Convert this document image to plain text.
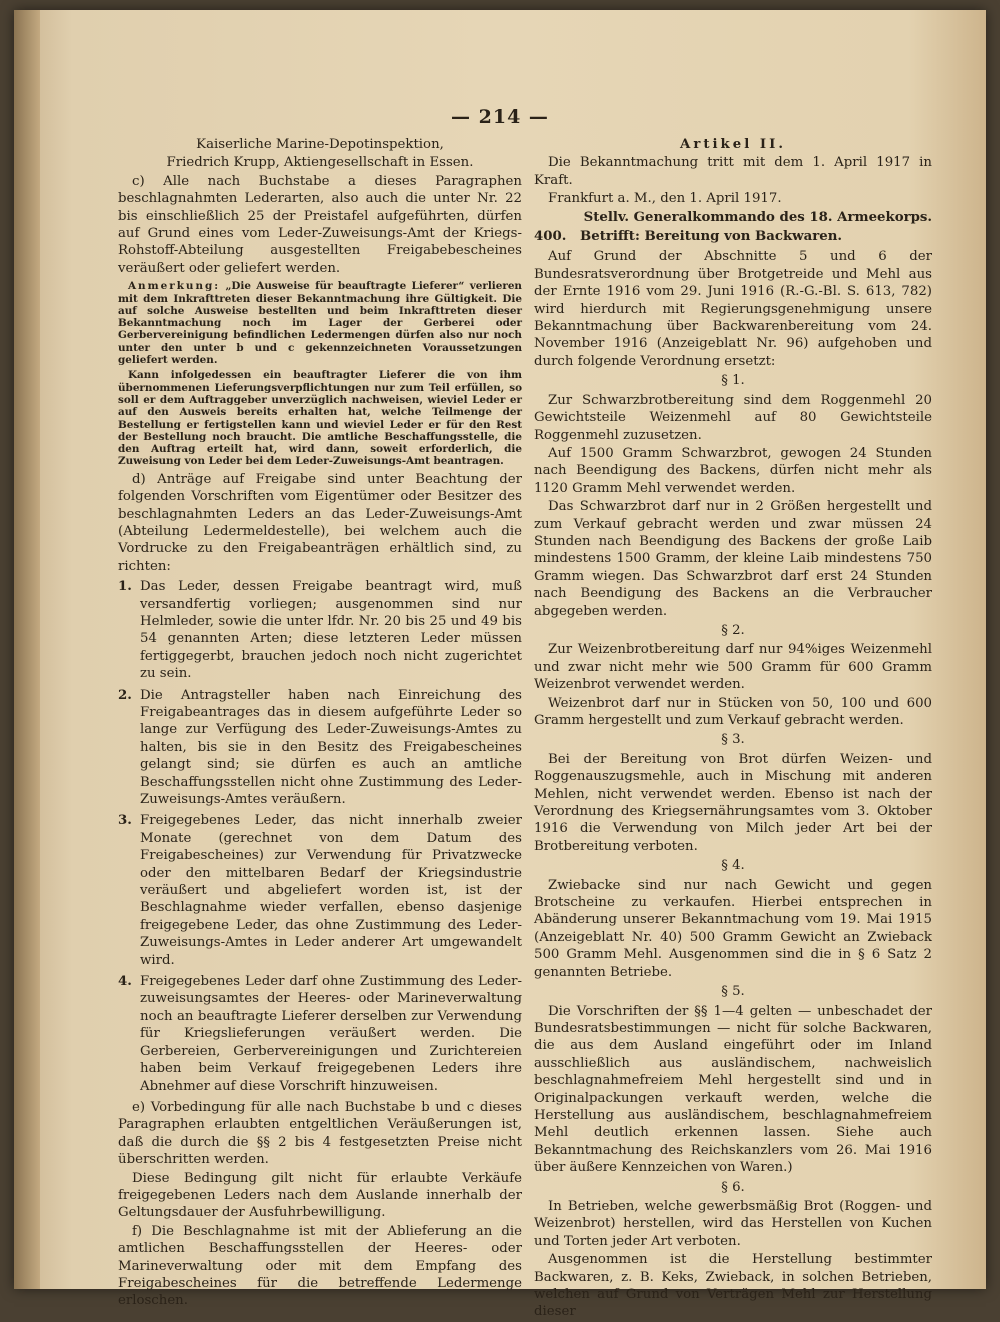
— 214 —

Kaiserliche Marine-Depotinspektion,

Friedrich Krupp, Aktiengesellschaft in Essen.

c) Alle nach Buchstabe a dieses Paragraphen beschlagnahmten Lederarten, also auch die unter Nr. 22 bis einschließlich 25 der Preistafel aufgeführten, dürfen auf Grund eines vom Leder-Zuweisungs-Amt der Kriegs-Rohstoff-Abteilung ausgestellten Freigabebescheines veräußert oder geliefert werden.

Anmerkung: „Die Ausweise für beauftragte Lieferer“ verlieren mit dem Inkrafttreten dieser Bekanntmachung ihre Gültigkeit. Die auf solche Ausweise bestellten und beim Inkrafttreten dieser Bekanntmachung noch im Lager der Gerberei oder Gerbervereinigung befindlichen Ledermengen dürfen also nur noch unter den unter b und c gekennzeichneten Voraussetzungen geliefert werden.
Kann infolgedessen ein beauftragter Lieferer die von ihm übernommenen Lieferungsverpflichtungen nur zum Teil erfüllen, so soll er dem Auftraggeber unverzüglich nachweisen, wieviel Leder er auf den Ausweis bereits erhalten hat, welche Teilmenge der Bestellung er fertigstellen kann und wieviel Leder er für den Rest der Bestellung noch braucht. Die amtliche Beschaffungsstelle, die den Auftrag erteilt hat, wird dann, soweit erforderlich, die Zuweisung von Leder bei dem Leder-Zuweisungs-Amt beantragen.

d) Anträge auf Freigabe sind unter Beachtung der folgenden Vorschriften vom Eigentümer oder Besitzer des beschlagnahmten Leders an das Leder-Zuweisungs-Amt (Abteilung Ledermeldestelle), bei welchem auch die Vordrucke zu den Freigabeanträgen erhältlich sind, zu richten:

1. Das Leder, dessen Freigabe beantragt wird, muß versandfertig vorliegen; ausgenommen sind nur Helmleder, sowie die unter lfdr. Nr. 20 bis 25 und 49 bis 54 genannten Arten; diese letzteren Leder müssen fertiggegerbt, brauchen jedoch noch nicht zugerichtet zu sein.
2. Die Antragsteller haben nach Einreichung des Freigabeantrages das in diesem aufgeführte Leder so lange zur Verfügung des Leder-Zuweisungs-Amtes zu halten, bis sie in den Besitz des Freigabescheines gelangt sind; sie dürfen es auch an amtliche Beschaffungsstellen nicht ohne Zustimmung des Leder-Zuweisungs-Amtes veräußern.
3. Freigegebenes Leder, das nicht innerhalb zweier Monate (gerechnet von dem Datum des Freigabescheines) zur Verwendung für Privatzwecke oder den mittelbaren Bedarf der Kriegsindustrie veräußert und abgeliefert worden ist, ist der Beschlagnahme wieder verfallen, ebenso dasjenige freigegebene Leder, das ohne Zustimmung des Leder-Zuweisungs-Amtes in Leder anderer Art umgewandelt wird.
4. Freigegebenes Leder darf ohne Zustimmung des Leder-zuweisungsamtes der Heeres- oder Marineverwaltung noch an beauftragte Lieferer derselben zur Verwendung für Kriegslieferungen veräußert werden. Die Gerbereien, Gerbervereinigungen und Zurichtereien haben beim Verkauf freigegebenen Leders ihre Abnehmer auf diese Vorschrift hinzuweisen.

e) Vorbedingung für alle nach Buchstabe b und c dieses Paragraphen erlaubten entgeltlichen Veräußerungen ist, daß die durch die §§ 2 bis 4 festgesetzten Preise nicht überschritten werden.

Diese Bedingung gilt nicht für erlaubte Verkäufe freigegebenen Leders nach dem Auslande innerhalb der Geltungsdauer der Ausfuhrbewilligung.

f) Die Beschlagnahme ist mit der Ablieferung an die amtlichen Beschaffungsstellen der Heeres- oder Marineverwaltung oder mit dem Empfang des Freigabescheines für die betreffende Ledermenge erloschen.

Artikel II.

Die Bekanntmachung tritt mit dem 1. April 1917 in Kraft.

Frankfurt a. M., den 1. April 1917.

Stellv. Generalkommando des 18. Armeekorps.

400.	Betrifft: Bereitung von Backwaren.

Auf Grund der Abschnitte 5 und 6 der Bundesratsverordnung über Brotgetreide und Mehl aus der Ernte 1916 vom 29. Juni 1916 (R.-G.-Bl. S. 613, 782) wird hierdurch mit Regierungsgenehmigung unsere Bekanntmachung über Backwarenbereitung vom 24. November 1916 (Anzeigeblatt Nr. 96) aufgehoben und durch folgende Verordnung ersetzt:

§ 1.

Zur Schwarzbrotbereitung sind dem Roggenmehl 20 Gewichtsteile Weizenmehl auf 80 Gewichtsteile Roggenmehl zuzusetzen.

Auf 1500 Gramm Schwarzbrot, gewogen 24 Stunden nach Beendigung des Backens, dürfen nicht mehr als 1120 Gramm Mehl verwendet werden.

Das Schwarzbrot darf nur in 2 Größen hergestellt und zum Verkauf gebracht werden und zwar müssen 24 Stunden nach Beendigung des Backens der große Laib mindestens 1500 Gramm, der kleine Laib mindestens 750 Gramm wiegen. Das Schwarzbrot darf erst 24 Stunden nach Beendigung des Backens an die Verbraucher abgegeben werden.

§ 2.

Zur Weizenbrotbereitung darf nur 94%iges Weizenmehl und zwar nicht mehr wie 500 Gramm für 600 Gramm Weizenbrot verwendet werden.

Weizenbrot darf nur in Stücken von 50, 100 und 600 Gramm hergestellt und zum Verkauf gebracht werden.

§ 3.

Bei der Bereitung von Brot dürfen Weizen- und Roggenauszugsmehle, auch in Mischung mit anderen Mehlen, nicht verwendet werden. Ebenso ist nach der Verordnung des Kriegsernährungsamtes vom 3. Oktober 1916 die Verwendung von Milch jeder Art bei der Brotbereitung verboten.

§ 4.

Zwiebacke sind nur nach Gewicht und gegen Brotscheine zu verkaufen. Hierbei entsprechen in Abänderung unserer Bekanntmachung vom 19. Mai 1915 (Anzeigeblatt Nr. 40) 500 Gramm Gewicht an Zwieback 500 Gramm Mehl. Ausgenommen sind die in § 6 Satz 2 genannten Betriebe.

§ 5.

Die Vorschriften der §§ 1—4 gelten — unbeschadet der Bundesratsbestimmungen — nicht für solche Backwaren, die aus dem Ausland eingeführt oder im Inland ausschließlich aus ausländischem, nachweislich beschlagnahmefreiem Mehl hergestellt sind und in Originalpackungen verkauft werden, welche die Herstellung aus ausländischem, beschlagnahmefreiem Mehl deutlich erkennen lassen. Siehe auch Bekanntmachung des Reichskanzlers vom 26. Mai 1916 über äußere Kennzeichen von Waren.)

§ 6.

In Betrieben, welche gewerbsmäßig Brot (Roggen- und Weizenbrot) herstellen, wird das Herstellen von Kuchen und Torten jeder Art verboten.

Ausgenommen ist die Herstellung bestimmter Backwaren, z. B. Keks, Zwieback, in solchen Betrieben, welchen auf Grund von Verträgen Mehl zur Herstellung dieser
